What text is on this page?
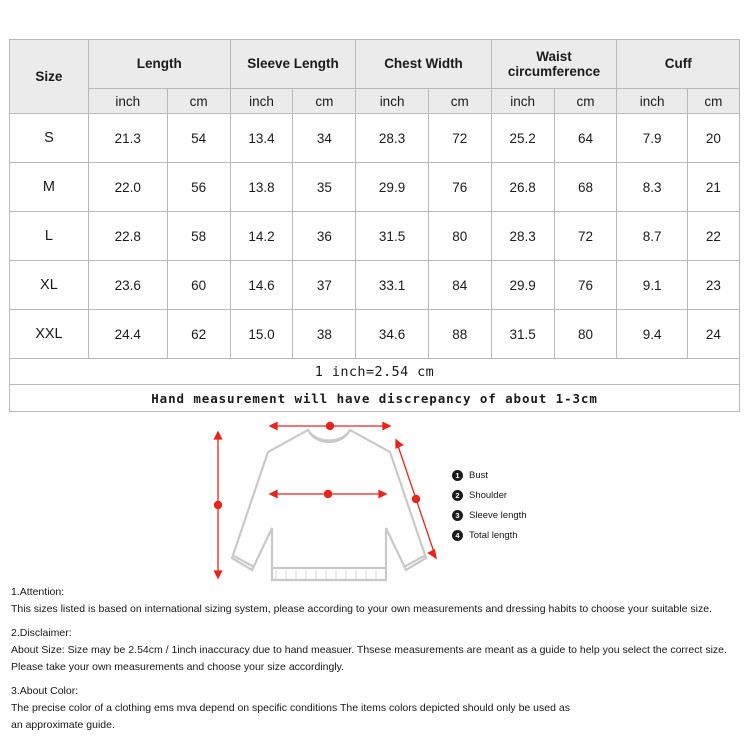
Size	Length		Sleeve Length		Chest Width		Waist circumference		Cuff	
	inch	cm	inch	cm	inch	cm	inch	cm	inch	cm
S	21.3	54	13.4	34	28.3	72	25.2	64	7.9	20
M	22.0	56	13.8	35	29.9	76	26.8	68	8.3	21
L	22.8	58	14.2	36	31.5	80	28.3	72	8.7	22
XL	23.6	60	14.6	37	33.1	84	29.9	76	9.1	23
XXL	24.4	62	15.0	38	34.6	88	31.5	80	9.4	24
1 inch=2.54 cm										
Hand measurement will have discrepancy of about 1-3cm										
1 Bust
2 Shoulder
3 Sleeve length
4 Total length

1.Attention:

This sizes listed is based on international sizing system, please according to your own measurements and dressing habits to choose your suitable size.

2.Disclaimer:

About Size: Size may be 2.54cm / 1inch inaccuracy due to hand measuer. Thsese measurements are meant as a guide to help you select the correct size.

Please take your own measurements and choose your size accordingly.

3.About Color:

The precise color of a clothing ems mva depend on specific conditions The items colors depicted should only be used as

an approximate guide.
